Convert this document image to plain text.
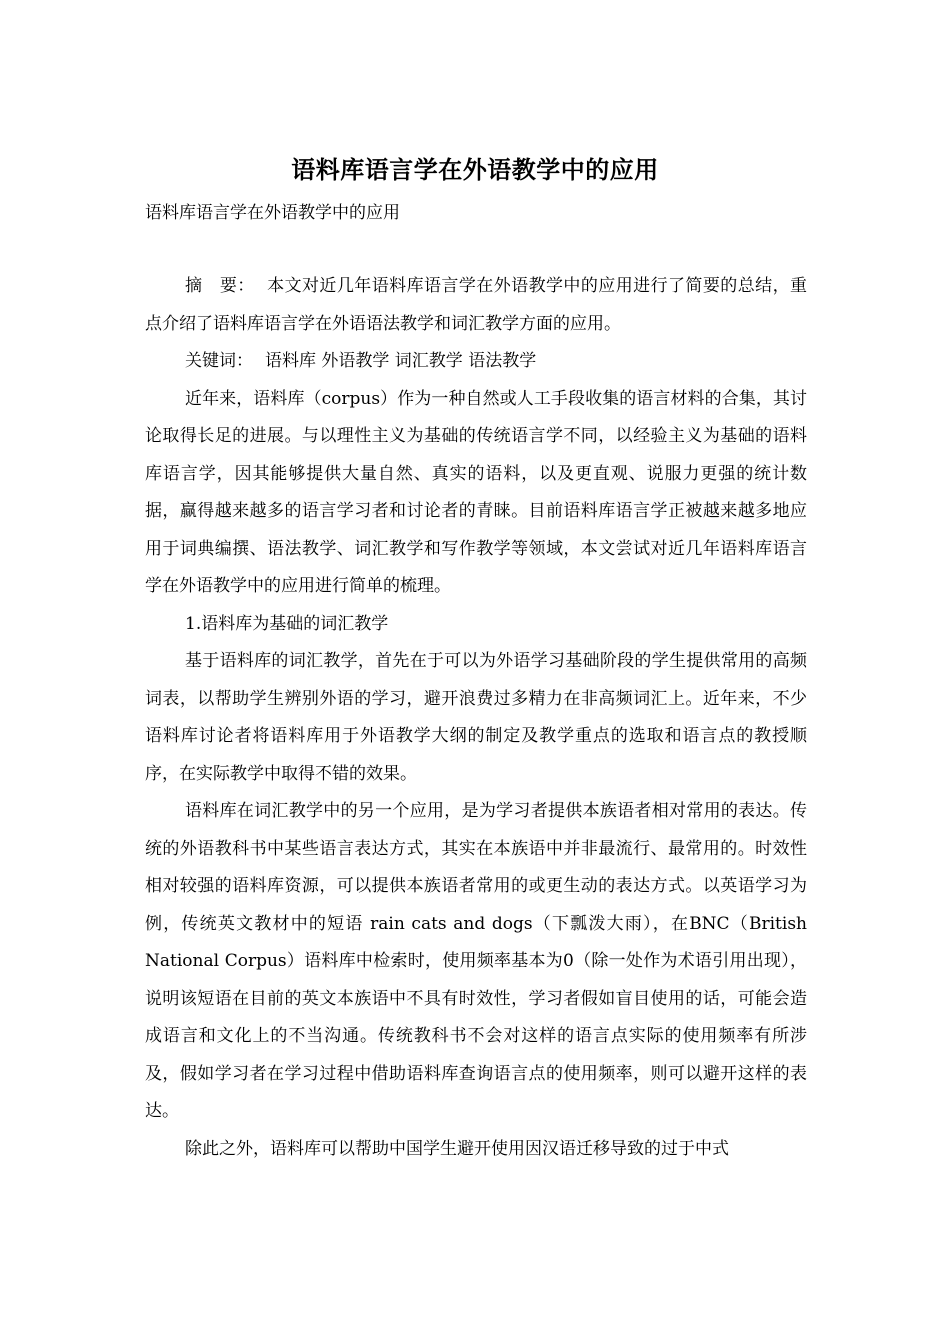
语料库语言学在外语教学中的应用
语料库语言学在外语教学中的应用

摘　要： 本文对近几年语料库语言学在外语教学中的应用进行了简要的总结，重点介绍了语料库语言学在外语语法教学和词汇教学方面的应用。

关键词： 语料库 外语教学 词汇教学 语法教学

近年来，语料库（corpus）作为一种自然或人工手段收集的语言材料的合集，其讨论取得长足的进展。与以理性主义为基础的传统语言学不同，以经验主义为基础的语料库语言学，因其能够提供大量自然、真实的语料，以及更直观、说服力更强的统计数据，赢得越来越多的语言学习者和讨论者的青睐。目前语料库语言学正被越来越多地应用于词典编撰、语法教学、词汇教学和写作教学等领域，本文尝试对近几年语料库语言学在外语教学中的应用进行简单的梳理。

1.语料库为基础的词汇教学

基于语料库的词汇教学，首先在于可以为外语学习基础阶段的学生提供常用的高频词表，以帮助学生辨别外语的学习，避开浪费过多精力在非高频词汇上。近年来，不少语料库讨论者将语料库用于外语教学大纲的制定及教学重点的选取和语言点的教授顺序，在实际教学中取得不错的效果。

语料库在词汇教学中的另一个应用，是为学习者提供本族语者相对常用的表达。传统的外语教科书中某些语言表达方式，其实在本族语中并非最流行、最常用的。时效性相对较强的语料库资源，可以提供本族语者常用的或更生动的表达方式。以英语学习为例，传统英文教材中的短语 rain cats and dogs（下瓢泼大雨），在BNC（British National Corpus）语料库中检索时，使用频率基本为0（除一处作为术语引用出现），说明该短语在目前的英文本族语中不具有时效性，学习者假如盲目使用的话，可能会造成语言和文化上的不当沟通。传统教科书不会对这样的语言点实际的使用频率有所涉及，假如学习者在学习过程中借助语料库查询语言点的使用频率，则可以避开这样的表达。

除此之外，语料库可以帮助中国学生避开使用因汉语迁移导致的过于中式
